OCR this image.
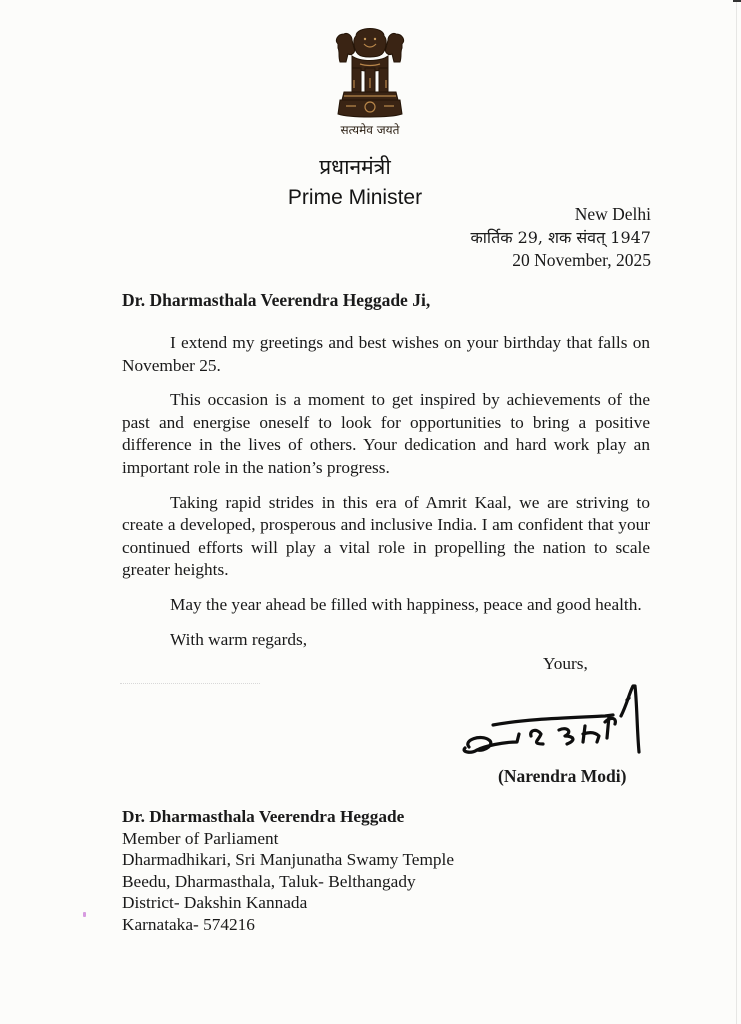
सत्यमेव जयते
प्रधानमंत्री
Prime Minister
New Delhi
कार्तिक 29, शक संवत् 1947
20 November, 2025
Dr. Dharmasthala Veerendra Heggade Ji,

I extend my greetings and best wishes on your birthday that falls on November 25.

This occasion is a moment to get inspired by achievements of the past and energise oneself to look for opportunities to bring a positive difference in the lives of others. Your dedication and hard work play an important role in the nation’s progress.

Taking rapid strides in this era of Amrit Kaal, we are striving to create a developed, prosperous and inclusive India. I am confident that your continued efforts will play a vital role in propelling the nation to scale greater heights.

May the year ahead be filled with happiness, peace and good health.

With warm regards,
Yours,
(Narendra Modi)
Dr. Dharmasthala Veerendra Heggade
Member of Parliament
Dharmadhikari, Sri Manjunatha Swamy Temple
Beedu, Dharmasthala, Taluk- Belthangady
District- Dakshin Kannada
Karnataka- 574216
